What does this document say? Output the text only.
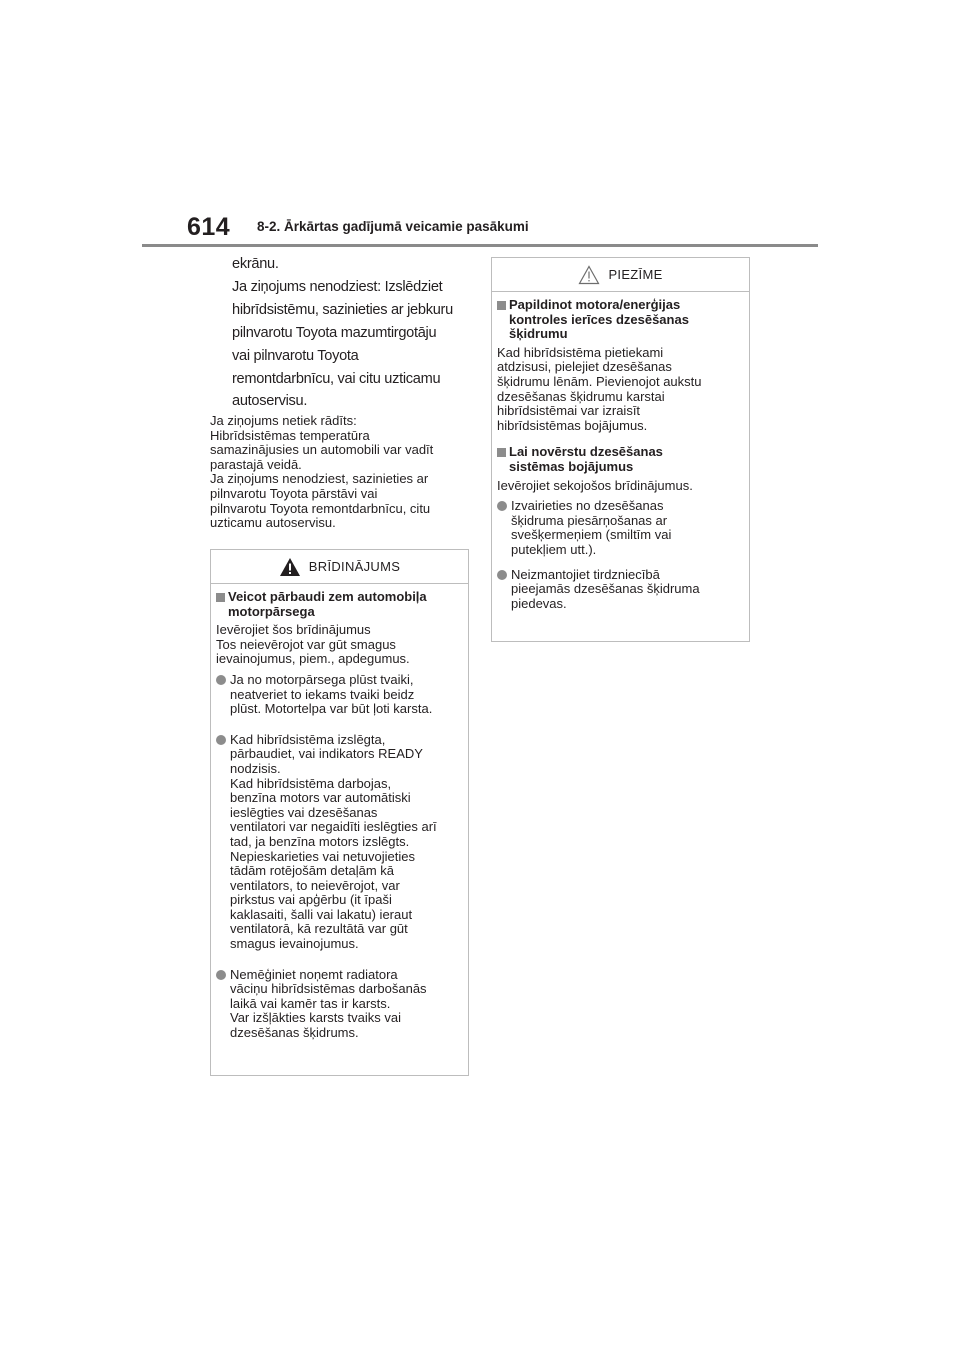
614 8-2. Ārkārtas gadījumā veicamie pasākumi

ekrānu.

Ja ziņojums nenodziest: Izslēdziet

hibrīdsistēmu, sazinieties ar jebkuru

pilnvarotu Toyota mazumtirgotāju

vai pilnvarotu Toyota

remontdarbnīcu, vai citu uzticamu

autoservisu.

Ja ziņojums netiek rādīts:

Hibrīdsistēmas temperatūra

samazinājusies un automobili var vadīt

parastajā veidā.

Ja ziņojums nenodziest, sazinieties ar

pilnvarotu Toyota pārstāvi vai

pilnvarotu Toyota remontdarbnīcu, citu

uzticamu autoservisu.

BRĪDINĀJUMS

Veicot pārbaudi zem automobiļa

motorpārsega

Ievērojiet šos brīdinājumus

Tos neievērojot var gūt smagus

ievainojumus, piem., apdegumus.

Ja no motorpārsega plūst tvaiki,

neatveriet to iekams tvaiki beidz

plūst. Motortelpa var būt ļoti karsta.

Kad hibrīdsistēma izslēgta,

pārbaudiet, vai indikators READY

nodzisis.

Kad hibrīdsistēma darbojas,

benzīna motors var automātiski

ieslēgties vai dzesēšanas

ventilatori var negaidīti ieslēgties arī

tad, ja benzīna motors izslēgts.

Nepieskarieties vai netuvojieties

tādām rotējošām detaļām kā

ventilators, to neievērojot, var

pirkstus vai apģērbu (it īpaši

kaklasaiti, šalli vai lakatu) ieraut

ventilatorā, kā rezultātā var gūt

smagus ievainojumus.

Nemēģiniet noņemt radiatora

vāciņu hibrīdsistēmas darbošanās

laikā vai kamēr tas ir karsts.

Var izšļākties karsts tvaiks vai

dzesēšanas šķidrums.

PIEZĪME

Papildinot motora/enerģijas

kontroles ierīces dzesēšanas

šķidrumu

Kad hibrīdsistēma pietiekami

atdzisusi, pielejiet dzesēšanas

šķidrumu lēnām. Pievienojot aukstu

dzesēšanas šķidrumu karstai

hibrīdsistēmai var izraisīt

hibrīdsistēmas bojājumus.

Lai novērstu dzesēšanas

sistēmas bojājumus

Ievērojiet sekojošos brīdinājumus.

Izvairieties no dzesēšanas

šķidruma piesārņošanas ar

svešķermeņiem (smiltīm vai

putekļiem utt.).

Neizmantojiet tirdzniecībā

pieejamās dzesēšanas šķidruma

piedevas.
